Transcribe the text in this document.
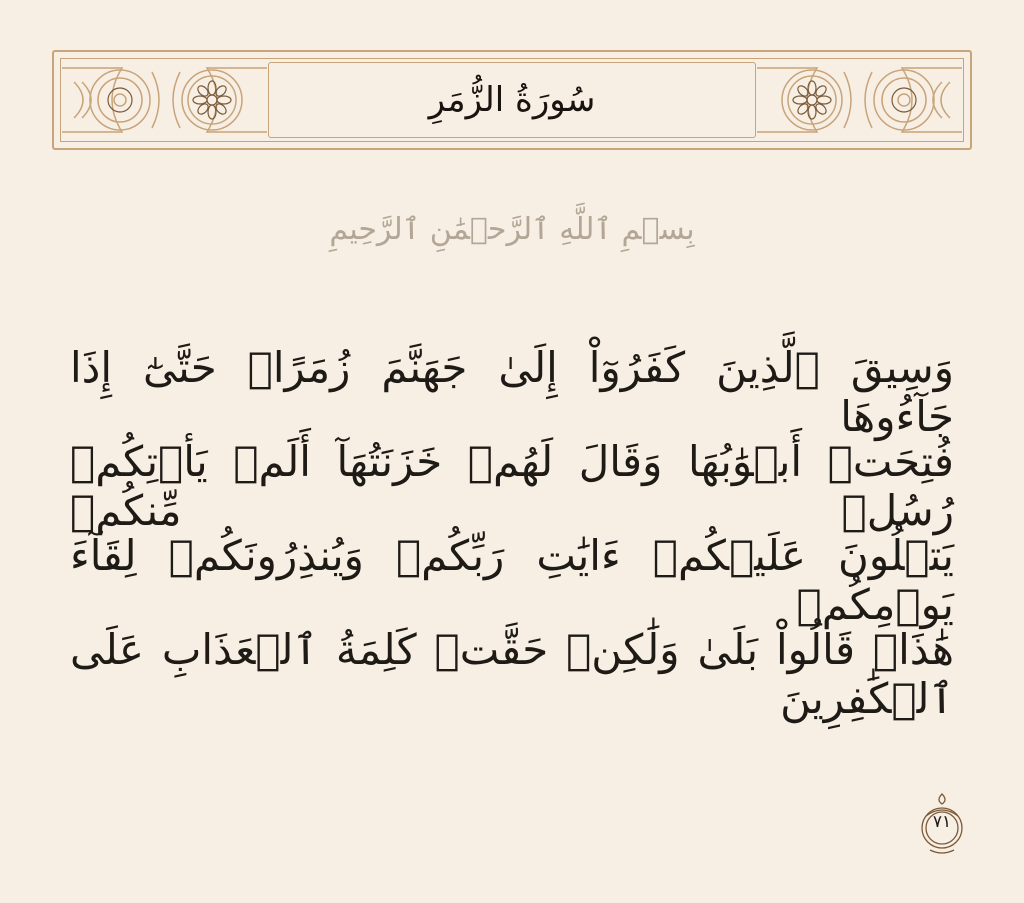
سُورَةُ الزُّمَرِ
بِسۡمِ ٱللَّهِ ٱلرَّحۡمَٰنِ ٱلرَّحِيمِ
وَسِيقَ ٱلَّذِينَ كَفَرُوٓاْ إِلَىٰ جَهَنَّمَ زُمَرًاۖ حَتَّىٰٓ إِذَا جَآءُوهَا
فُتِحَتۡ أَبۡوَٰبُهَا وَقَالَ لَهُمۡ خَزَنَتُهَآ أَلَمۡ يَأۡتِكُمۡ رُسُلٞ مِّنكُمۡ
يَتۡلُونَ عَلَيۡكُمۡ ءَايَٰتِ رَبِّكُمۡ وَيُنذِرُونَكُمۡ لِقَآءَ يَوۡمِكُمۡ
هَٰذَاۚ قَالُواْ بَلَىٰ وَلَٰكِنۡ حَقَّتۡ كَلِمَةُ ٱلۡعَذَابِ عَلَى ٱلۡكَٰفِرِينَ
٧١
